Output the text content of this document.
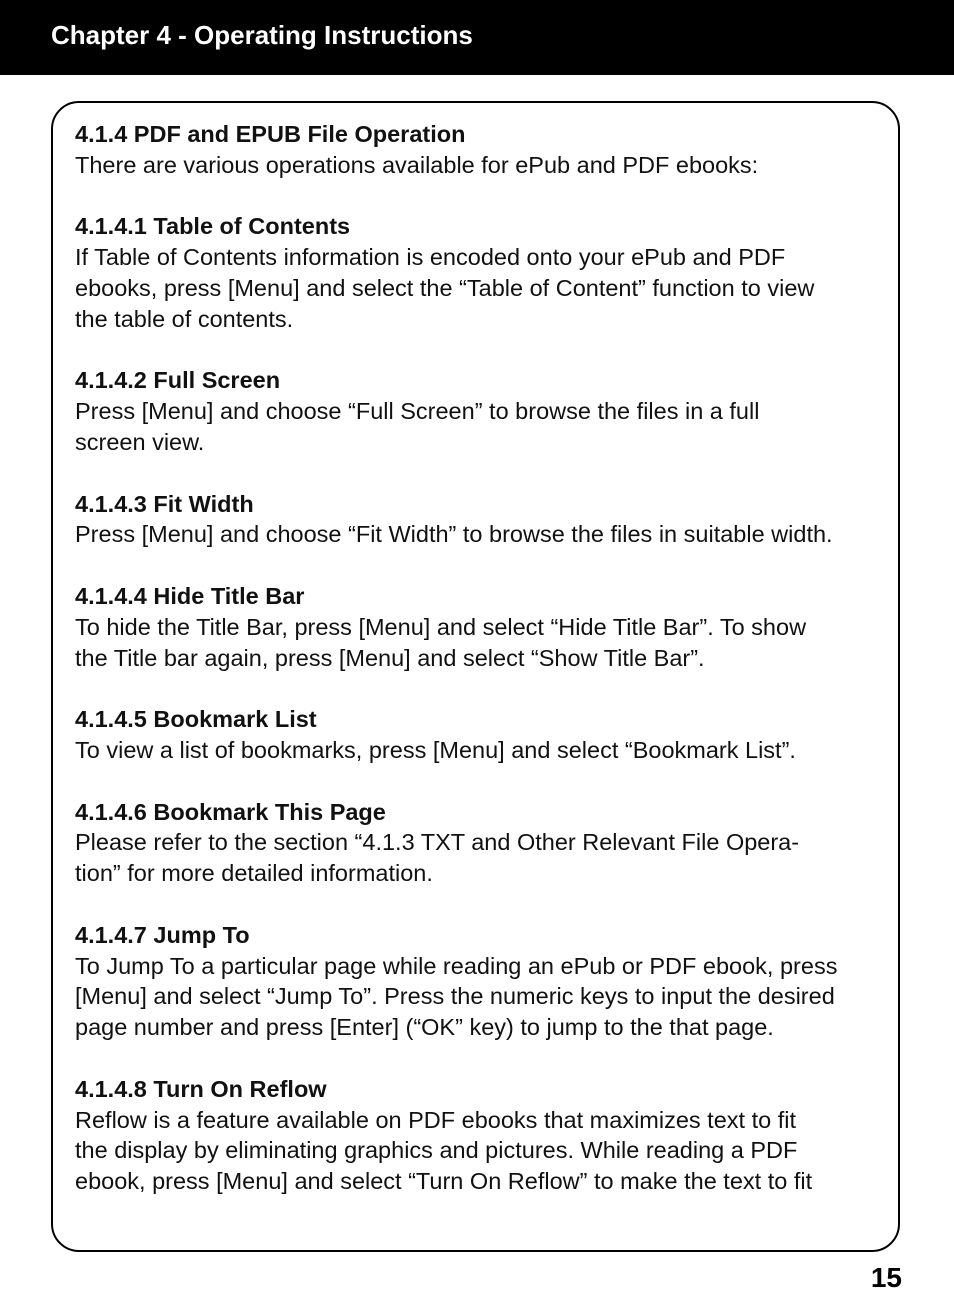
Chapter 4 - Operating Instructions
4.1.4 PDF and EPUB File Operation
There are various operations available for ePub and PDF ebooks:
4.1.4.1 Table of Contents
If Table of Contents information is encoded onto your ePub and PDF
ebooks, press [Menu] and select the “Table of Content” function to view
the table of contents.
4.1.4.2 Full Screen
Press [Menu] and choose “Full Screen” to browse the files in a full
screen view.
4.1.4.3 Fit Width
Press [Menu] and choose “Fit Width” to browse the files in suitable width.
4.1.4.4 Hide Title Bar
To hide the Title Bar, press [Menu] and select “Hide Title Bar”. To show
the Title bar again, press [Menu] and select “Show Title Bar”.
4.1.4.5 Bookmark List
To view a list of bookmarks, press [Menu] and select “Bookmark List”.
4.1.4.6 Bookmark This Page
Please refer to the section “4.1.3 TXT and Other Relevant File Opera-
tion” for more detailed information.
4.1.4.7 Jump To
To Jump To a particular page while reading an ePub or PDF ebook, press
[Menu] and select “Jump To”. Press the numeric keys to input the desired
page number and press [Enter] (“OK” key) to jump to the that page.
4.1.4.8 Turn On Reflow
Reflow is a feature available on PDF ebooks that maximizes text to fit
the display by eliminating graphics and pictures. While reading a PDF
ebook, press [Menu] and select “Turn On Reflow” to make the text to fit
15
